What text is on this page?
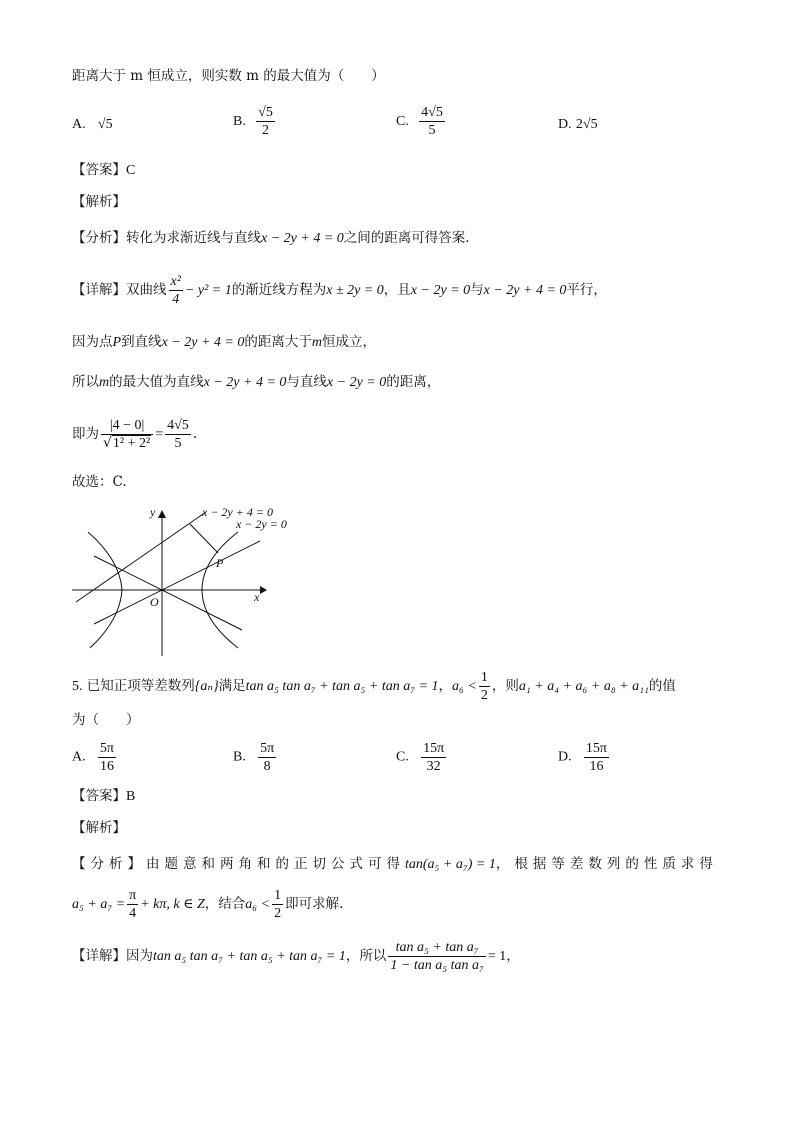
距离大于 m 恒成立，则实数 m 的最大值为（　　）
A. √5	B. $\frac{√5}{2}$	C. $\frac{4√5}{5}$	D. 2√5
【答案】C
【解析】
【分析】转化为求渐近线与直线x − 2y + 4 = 0之间的距离可得答案.
【详解】双曲线 $\frac{\text{x²}}{4} - y^2 = 1$的渐近线方程为x ± 2y = 0，且x − 2y = 0与x − 2y + 4 = 0平行，
因为点P到直线x − 2y + 4 = 0的距离大于m恒成立，
所以m的最大值为直线x − 2y + 4 = 0与直线x − 2y = 0的距离，
即为 $\frac{|4 - 0|}{\text{√1² + 2²}} = \frac{4√5}{5}$ .
故选：C.
x − 2y + 4 = 0
x − 2y = 0
P
O	x
y
5. 已知正项等差数列{aₙ}满足tan a₅ tan a₇ + tan a₅ + tan a₇ = 1，$a_6 < \frac{1}{2}$ ，则a₁ + a₄ + a₆ + a₈ + a₁₁的值
为（　　）
A. $\frac{5\pi}{16}$	B. $\frac{5\pi}{8}$	C. $\frac{15\pi}{32}$	D. $\frac{15\pi}{16}$
【答案】B
【解析】
【分析】由题意和两角和的正切公式可得tan(a₅ + a₇) = 1，根据等差数列的性质求得
$a_5 + a_7 = \frac{\pi}{4} + k\pi$, k ∈ Z，结合$a_6 < \frac{1}{2}$ 即可求解.
【详解】因为tan a₅ tan a₇ + tan a₅ + tan a₇ = 1，所以 $\frac{\text{tan a₅ + tan a₇}}{\text{1 − tan a₅ tan a₇}} = 1$，
